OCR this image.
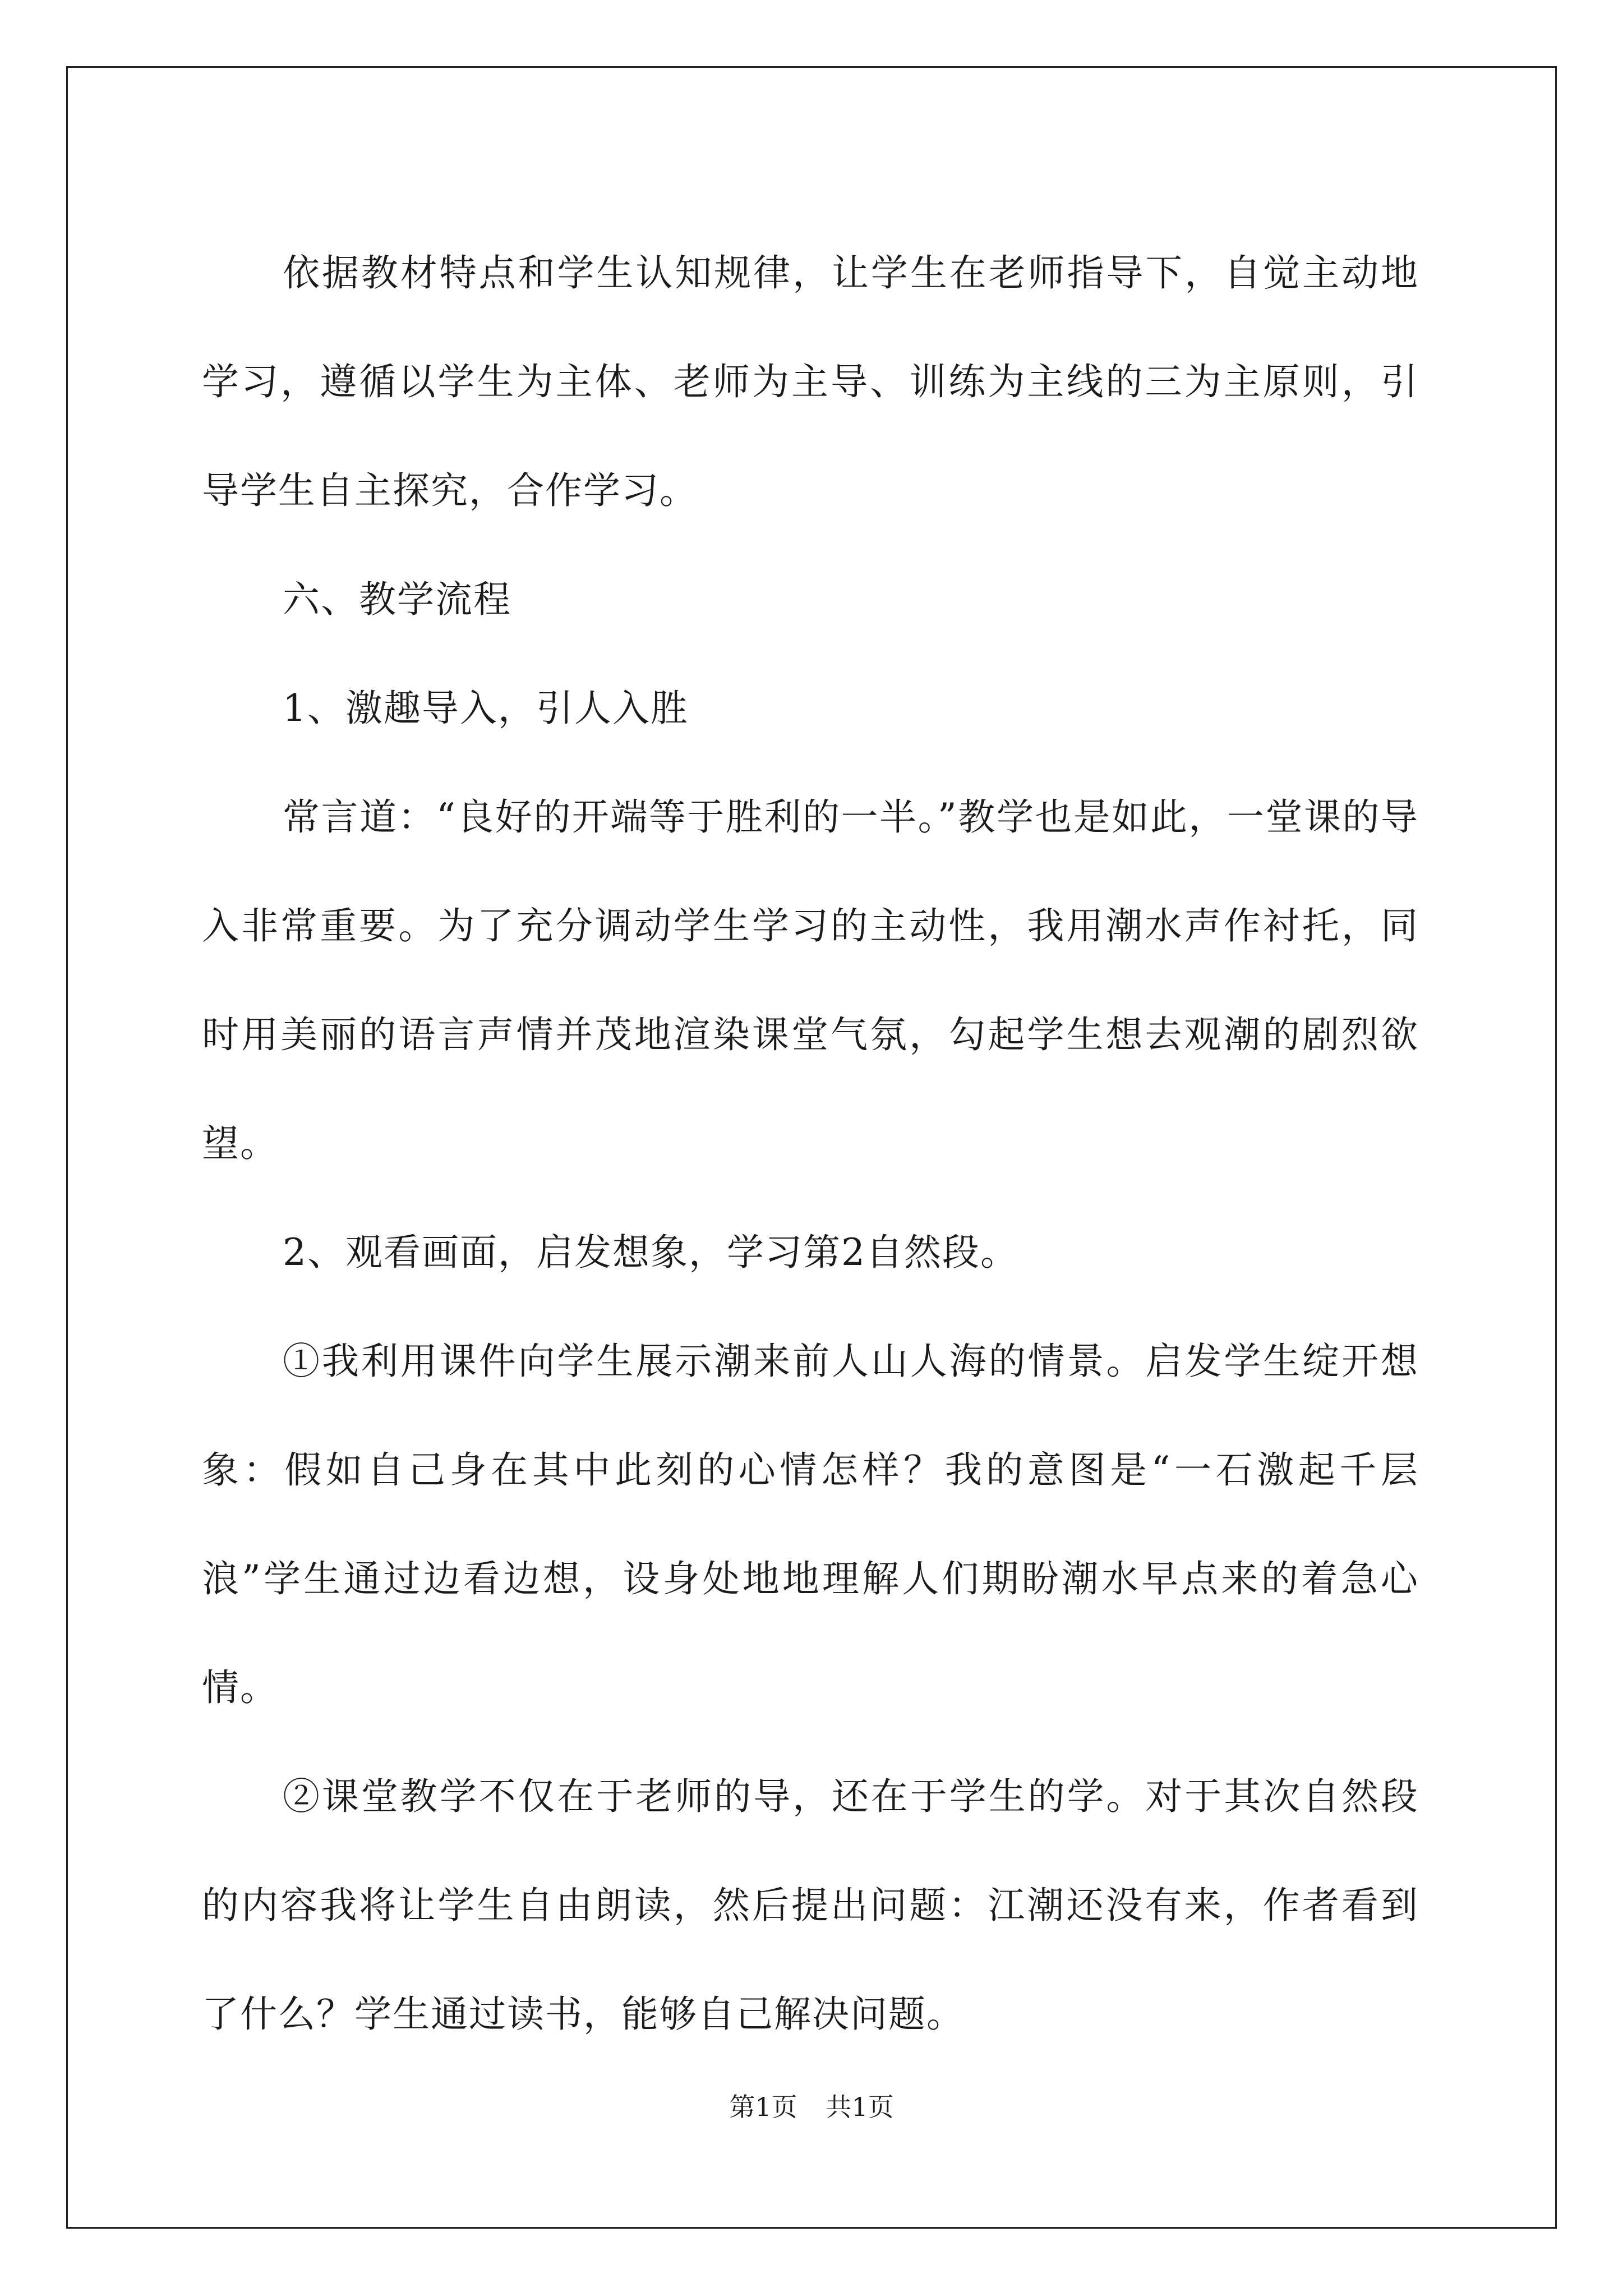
依据教材特点和学生认知规律，让学生在老师指导下，自觉主动地学习，遵循以学生为主体、老师为主导、训练为主线的三为主原则，引导学生自主探究，合作学习。

六、教学流程

1、激趣导入，引人入胜

常言道：“良好的开端等于胜利的一半。”教学也是如此，一堂课的导入非常重要。为了充分调动学生学习的主动性，我用潮水声作衬托，同时用美丽的语言声情并茂地渲染课堂气氛，勾起学生想去观潮的剧烈欲望。

2、观看画面，启发想象，学习第2自然段。

①我利用课件向学生展示潮来前人山人海的情景。启发学生绽开想象：假如自己身在其中此刻的心情怎样？我的意图是“一石激起千层浪”学生通过边看边想，设身处地地理解人们期盼潮水早点来的着急心情。

②课堂教学不仅在于老师的导，还在于学生的学。对于其次自然段的内容我将让学生自由朗读，然后提出问题：江潮还没有来，作者看到了什么？学生通过读书，能够自己解决问题。

第1页 共1页
